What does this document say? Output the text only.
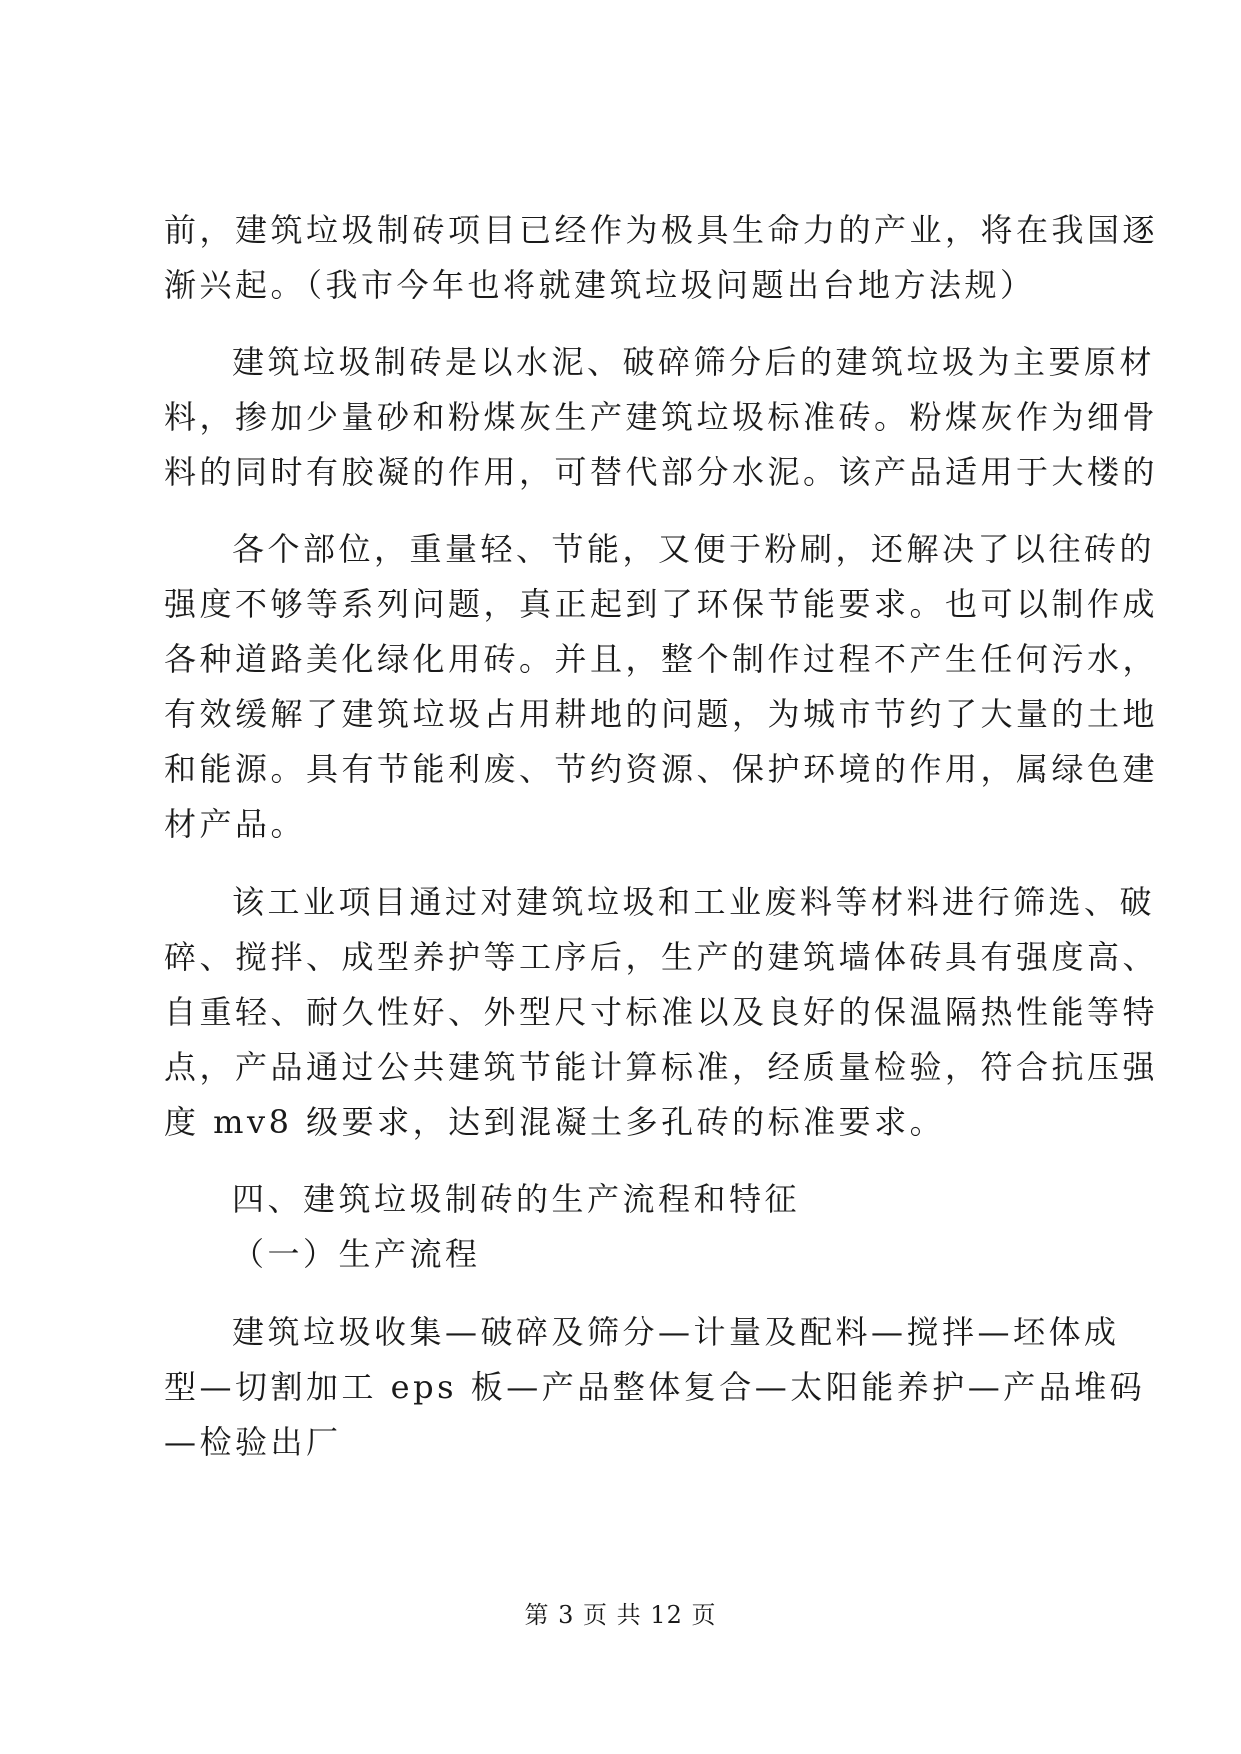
前，建筑垃圾制砖项目已经作为极具生命力的产业，将在我国逐
渐兴起。（我市今年也将就建筑垃圾问题出台地方法规）
建筑垃圾制砖是以水泥、破碎筛分后的建筑垃圾为主要原材
料，掺加少量砂和粉煤灰生产建筑垃圾标准砖。粉煤灰作为细骨
料的同时有胶凝的作用，可替代部分水泥。该产品适用于大楼的
各个部位，重量轻、节能，又便于粉刷，还解决了以往砖的
强度不够等系列问题，真正起到了环保节能要求。也可以制作成
各种道路美化绿化用砖。并且，整个制作过程不产生任何污水，
有效缓解了建筑垃圾占用耕地的问题，为城市节约了大量的土地
和能源。具有节能利废、节约资源、保护环境的作用，属绿色建
材产品。
该工业项目通过对建筑垃圾和工业废料等材料进行筛选、破
碎、搅拌、成型养护等工序后，生产的建筑墙体砖具有强度高、
自重轻、耐久性好、外型尺寸标准以及良好的保温隔热性能等特
点，产品通过公共建筑节能计算标准，经质量检验，符合抗压强
度 mv8 级要求，达到混凝土多孔砖的标准要求。
四、建筑垃圾制砖的生产流程和特征
（一）生产流程
建筑垃圾收集—破碎及筛分—计量及配料—搅拌—坯体成
型—切割加工 eps 板—产品整体复合—太阳能养护—产品堆码
—检验出厂
第 3 页 共 12 页
